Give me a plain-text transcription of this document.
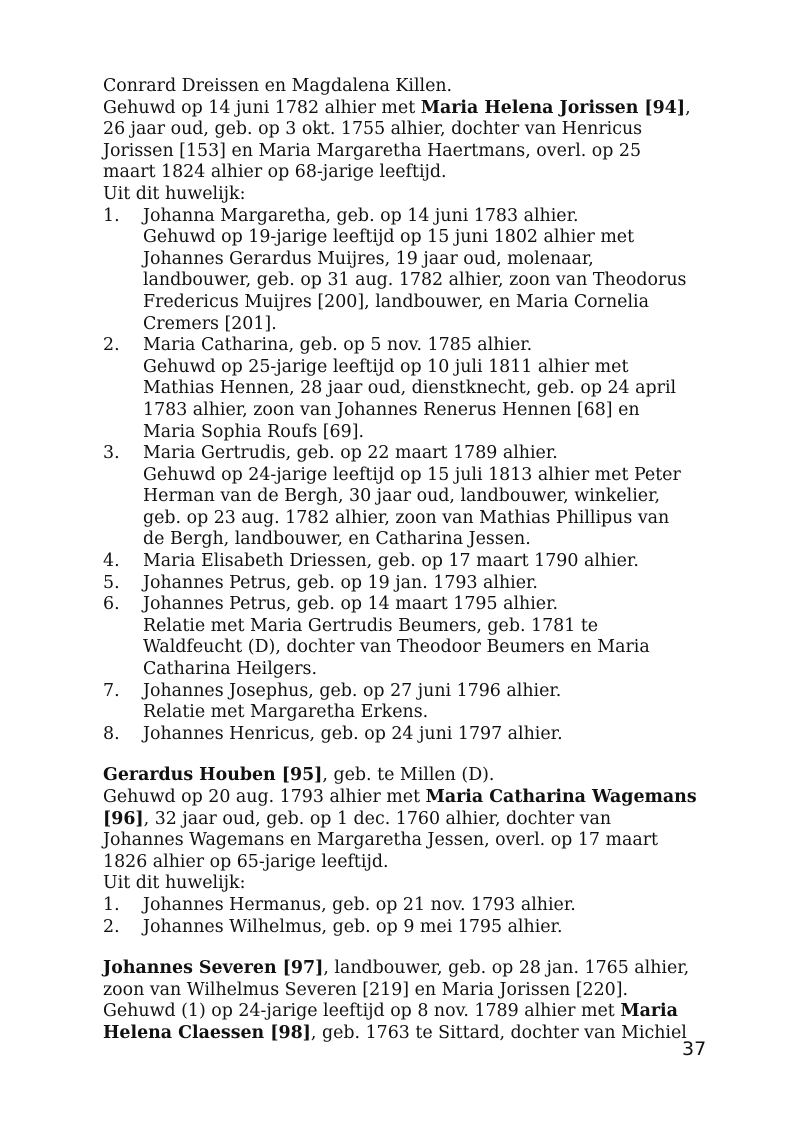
Conrard Dreissen en Magdalena Killen.
Gehuwd op 14 juni 1782 alhier met Maria Helena Jorissen [94],
26 jaar oud, geb. op 3 okt. 1755 alhier, dochter van Henricus
Jorissen [153] en Maria Margaretha Haertmans, overl. op 25
maart 1824 alhier op 68-jarige leeftijd.
Uit dit huwelijk:
1. Johanna Margaretha, geb. op 14 juni 1783 alhier.
Gehuwd op 19-jarige leeftijd op 15 juni 1802 alhier met
Johannes Gerardus Muijres, 19 jaar oud, molenaar,
landbouwer, geb. op 31 aug. 1782 alhier, zoon van Theodorus
Fredericus Muijres [200], landbouwer, en Maria Cornelia
Cremers [201].
2. Maria Catharina, geb. op 5 nov. 1785 alhier.
Gehuwd op 25-jarige leeftijd op 10 juli 1811 alhier met
Mathias Hennen, 28 jaar oud, dienstknecht, geb. op 24 april
1783 alhier, zoon van Johannes Renerus Hennen [68] en
Maria Sophia Roufs [69].
3. Maria Gertrudis, geb. op 22 maart 1789 alhier.
Gehuwd op 24-jarige leeftijd op 15 juli 1813 alhier met Peter
Herman van de Bergh, 30 jaar oud, landbouwer, winkelier,
geb. op 23 aug. 1782 alhier, zoon van Mathias Phillipus van
de Bergh, landbouwer, en Catharina Jessen.
4. Maria Elisabeth Driessen, geb. op 17 maart 1790 alhier.
5. Johannes Petrus, geb. op 19 jan. 1793 alhier.
6. Johannes Petrus, geb. op 14 maart 1795 alhier.
Relatie met Maria Gertrudis Beumers, geb. 1781 te
Waldfeucht (D), dochter van Theodoor Beumers en Maria
Catharina Heilgers.
7. Johannes Josephus, geb. op 27 juni 1796 alhier.
Relatie met Margaretha Erkens.
8. Johannes Henricus, geb. op 24 juni 1797 alhier.
Gerardus Houben [95], geb. te Millen (D).
Gehuwd op 20 aug. 1793 alhier met Maria Catharina Wagemans
[96], 32 jaar oud, geb. op 1 dec. 1760 alhier, dochter van
Johannes Wagemans en Margaretha Jessen, overl. op 17 maart
1826 alhier op 65-jarige leeftijd.
Uit dit huwelijk:
1. Johannes Hermanus, geb. op 21 nov. 1793 alhier.
2. Johannes Wilhelmus, geb. op 9 mei 1795 alhier.
Johannes Severen [97], landbouwer, geb. op 28 jan. 1765 alhier,
zoon van Wilhelmus Severen [219] en Maria Jorissen [220].
Gehuwd (1) op 24-jarige leeftijd op 8 nov. 1789 alhier met Maria
Helena Claessen [98], geb. 1763 te Sittard, dochter van Michiel
37
